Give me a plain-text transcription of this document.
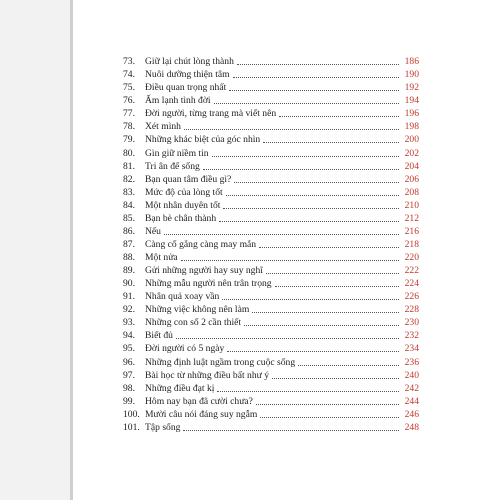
73.	Giữ lại chút lòng thành	186
74.	Nuôi dưỡng thiện tâm	190
75.	Điều quan trọng nhất	192
76.	Ấm lạnh tình đời	194
77.	Đời người, từng trang mà viết nên	196
78.	Xét mình	198
79.	Những khác biệt của góc nhìn	200
80.	Gìn giữ niềm tin	202
81.	Tri ân để sống	204
82.	Bạn quan tâm điều gì?	206
83.	Mức độ của lòng tốt	208
84.	Một nhân duyên tốt	210
85.	Bạn bè chân thành	212
86.	Nếu	216
87.	Càng cố gắng càng may mắn	218
88.	Một nửa	220
89.	Gửi những người hay suy nghĩ	222
90.	Những mẫu người nên trân trọng	224
91.	Nhân quả xoay vần	226
92.	Những việc không nên làm	228
93.	Những con số 2 cần thiết	230
94.	Biết đủ	232
95.	Đời người có 5 ngày	234
96.	Những định luật ngầm trong cuộc sống	236
97.	Bài học từ những điều bất như ý	240
98.	Những điều đạt kị	242
99.	Hôm nay bạn đã cười chưa?	244
100. Mười câu nói đáng suy ngẫm	246
101. Tập sống	248
